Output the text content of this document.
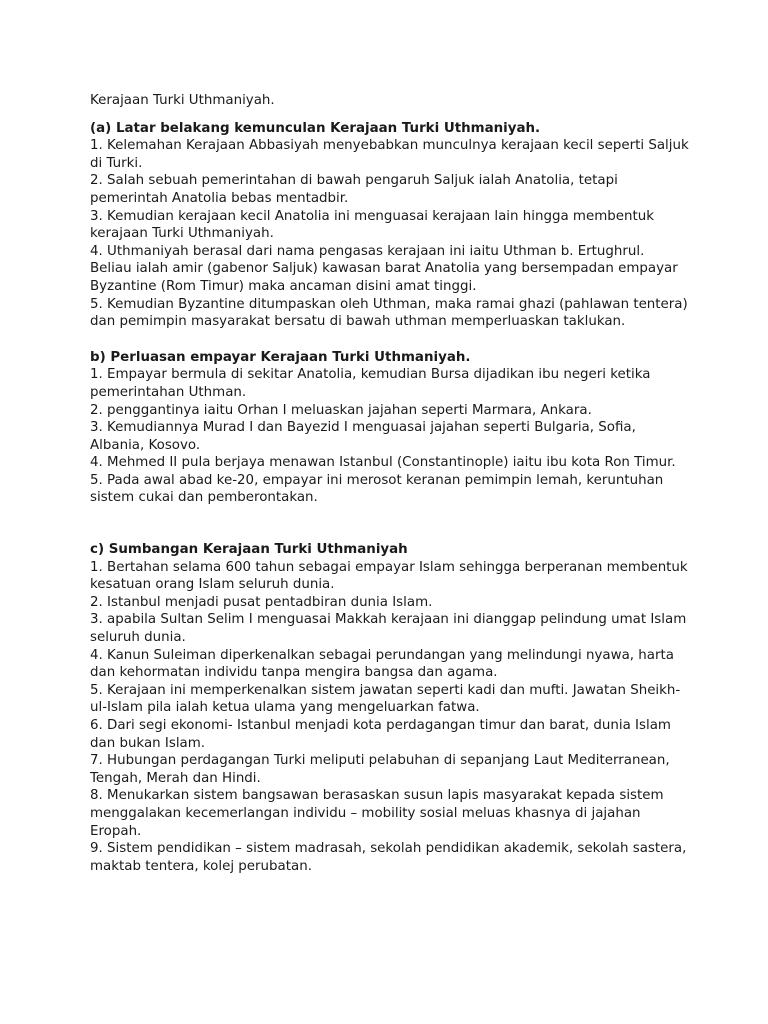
Kerajaan Turki Uthmaniyah.
(a) Latar belakang kemunculan Kerajaan Turki Uthmaniyah.

1. Kelemahan Kerajaan Abbasiyah menyebabkan munculnya kerajaan kecil seperti Saljuk di Turki.

2. Salah sebuah pemerintahan di bawah pengaruh Saljuk ialah Anatolia, tetapi pemerintah Anatolia bebas mentadbir.

3. Kemudian kerajaan kecil Anatolia ini menguasai kerajaan lain hingga membentuk kerajaan Turki Uthmaniyah.

4. Uthmaniyah berasal dari nama pengasas kerajaan ini iaitu Uthman b. Ertughrul. Beliau ialah amir (gabenor Saljuk) kawasan barat Anatolia yang bersempadan empayar Byzantine (Rom Timur) maka ancaman disini amat tinggi.

5. Kemudian Byzantine ditumpaskan oleh Uthman, maka ramai ghazi (pahlawan tentera) dan pemimpin masyarakat bersatu di bawah uthman memperluaskan taklukan.

b) Perluasan empayar Kerajaan Turki Uthmaniyah.

1. Empayar bermula di sekitar Anatolia, kemudian Bursa dijadikan ibu negeri ketika pemerintahan Uthman.

2. penggantinya iaitu Orhan I meluaskan jajahan seperti Marmara, Ankara.

3. Kemudiannya Murad I dan Bayezid I menguasai jajahan seperti Bulgaria, Sofia, Albania, Kosovo.

4. Mehmed II pula berjaya menawan Istanbul (Constantinople) iaitu ibu kota Ron Timur.

5. Pada awal abad ke-20, empayar ini merosot keranan pemimpin lemah, keruntuhan sistem cukai dan pemberontakan.

c) Sumbangan Kerajaan Turki Uthmaniyah

1. Bertahan selama 600 tahun sebagai empayar Islam sehingga berperanan membentuk kesatuan orang Islam seluruh dunia.

2. Istanbul menjadi pusat pentadbiran dunia Islam.

3. apabila Sultan Selim I menguasai Makkah kerajaan ini dianggap pelindung umat Islam seluruh dunia.

4. Kanun Suleiman diperkenalkan sebagai perundangan yang melindungi nyawa, harta dan kehormatan individu tanpa mengira bangsa dan agama.

5. Kerajaan ini memperkenalkan sistem jawatan seperti kadi dan mufti. Jawatan Sheikh-ul-Islam pila ialah ketua ulama yang mengeluarkan fatwa.

6. Dari segi ekonomi- Istanbul menjadi kota perdagangan timur dan barat, dunia Islam dan bukan Islam.

7. Hubungan perdagangan Turki meliputi pelabuhan di sepanjang Laut Mediterranean, Tengah, Merah dan Hindi.

8. Menukarkan sistem bangsawan berasaskan susun lapis masyarakat kepada sistem menggalakan kecemerlangan individu – mobility sosial meluas khasnya di jajahan Eropah.

9. Sistem pendidikan – sistem madrasah, sekolah pendidikan akademik, sekolah sastera, maktab tentera, kolej perubatan.
